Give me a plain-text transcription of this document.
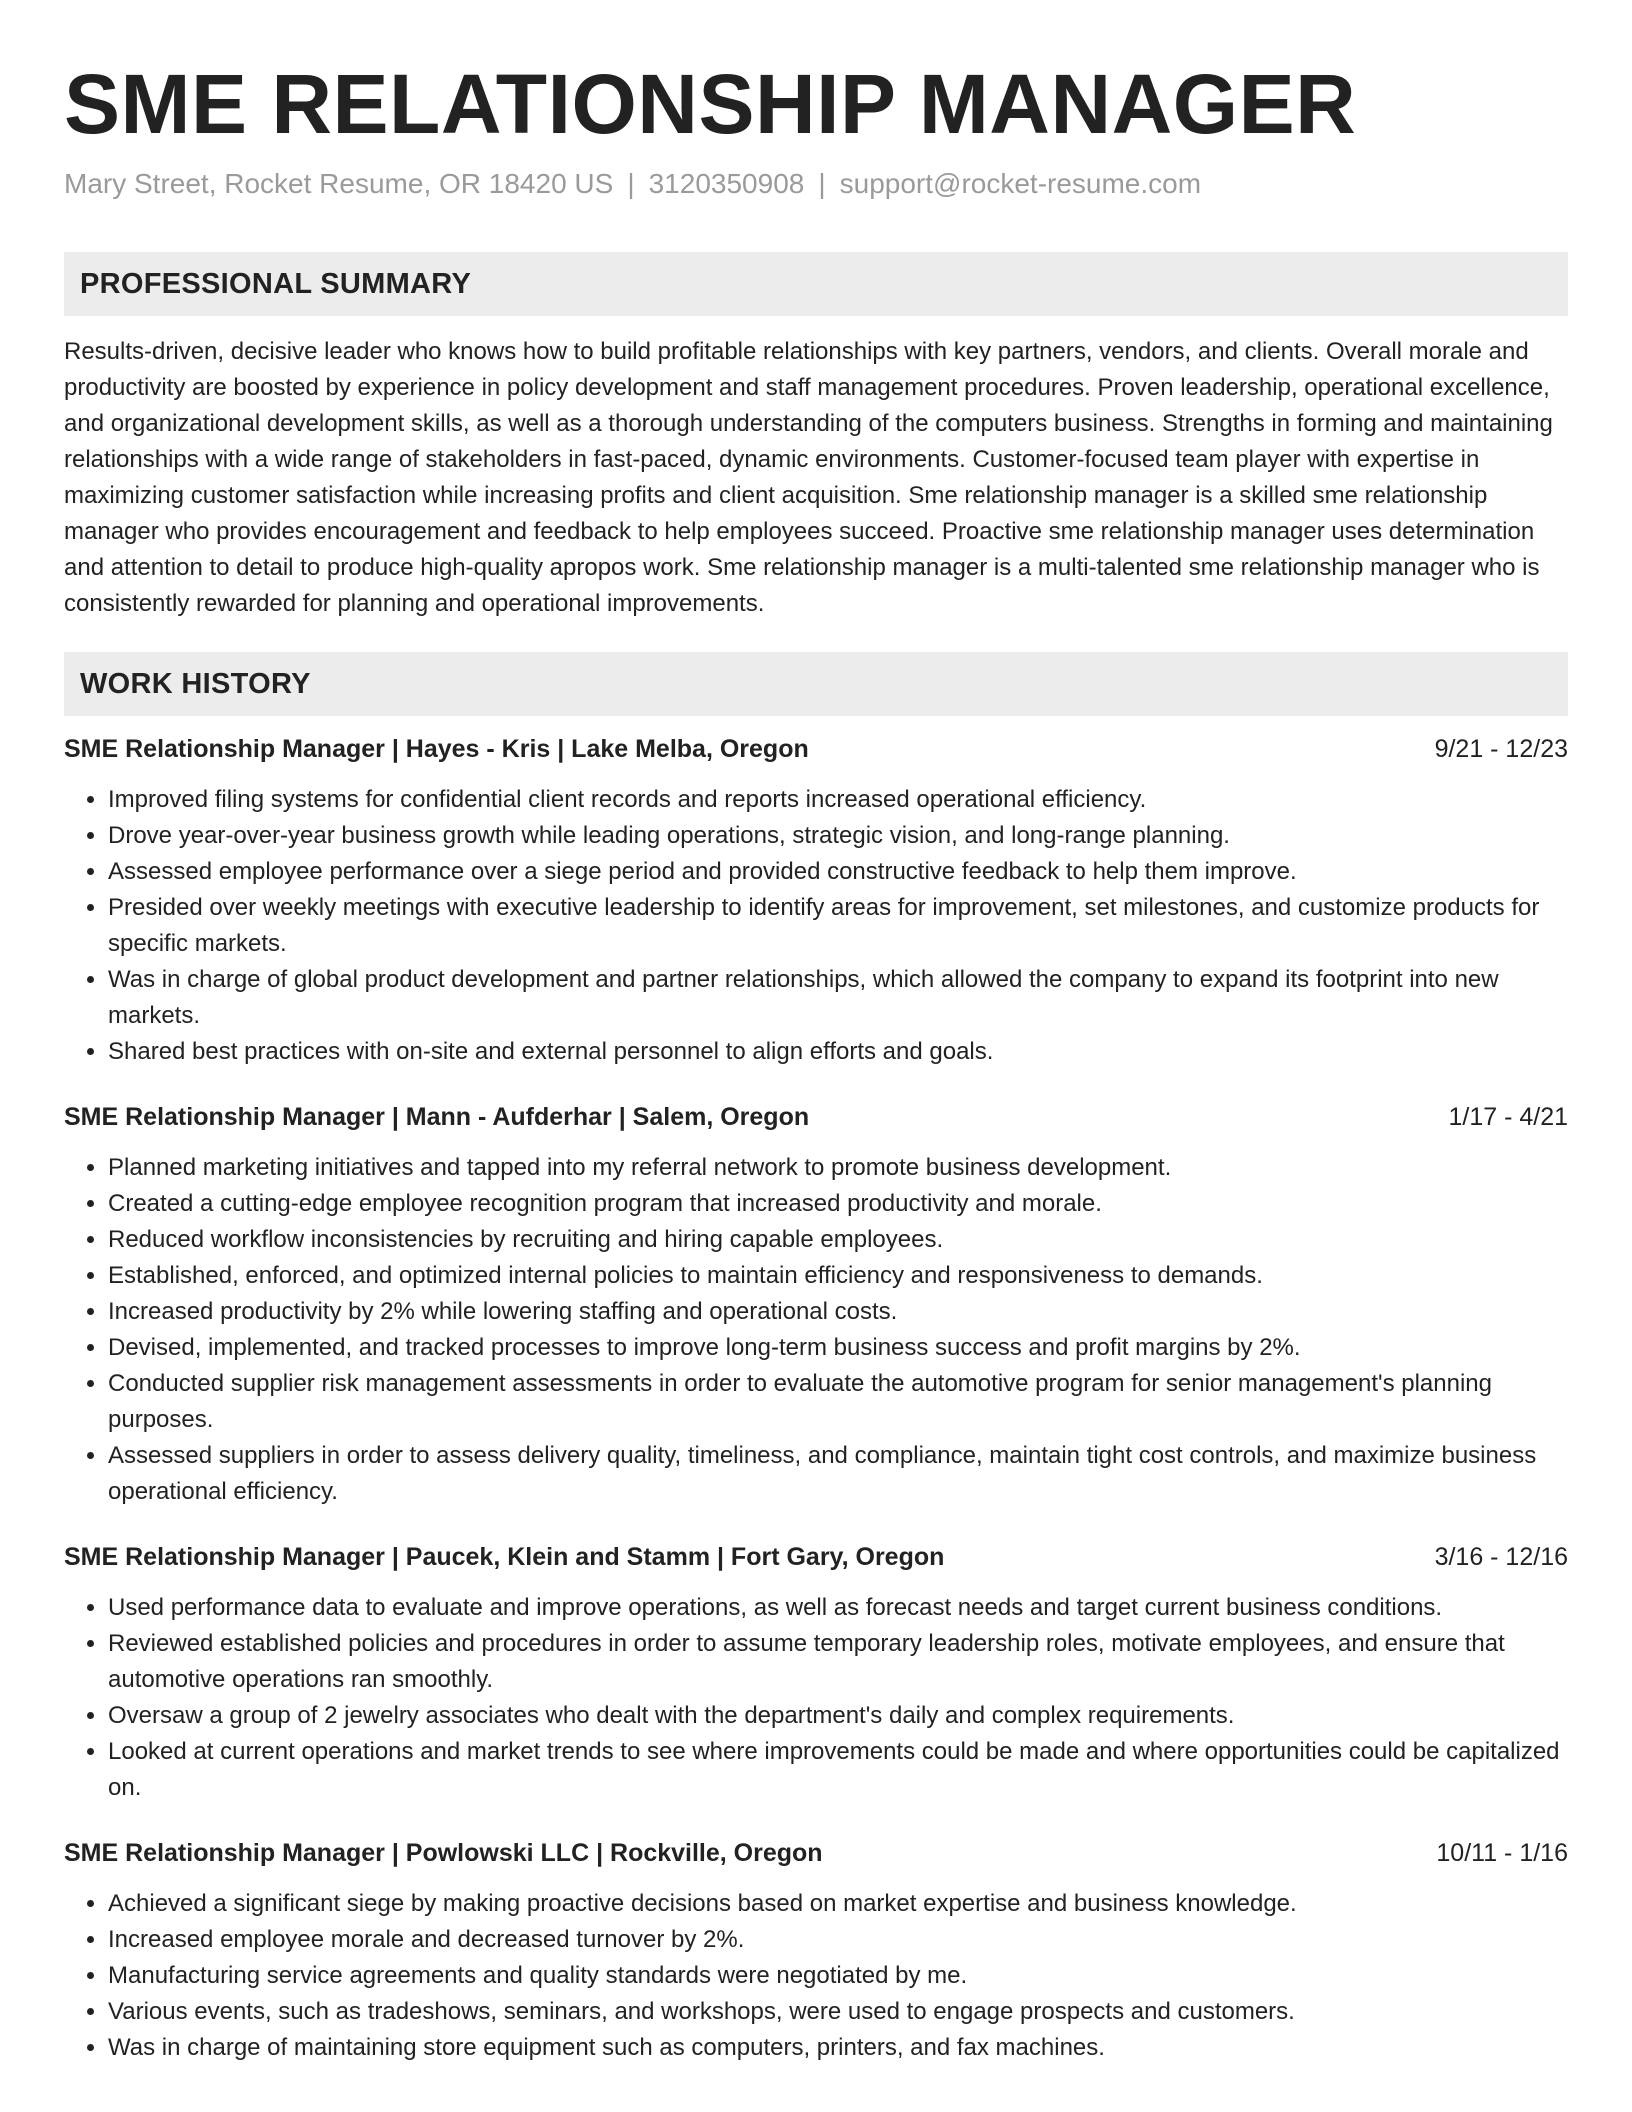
SME RELATIONSHIP MANAGER
Mary Street, Rocket Resume, OR 18420 US | 3120350908 | support@rocket-resume.com
PROFESSIONAL SUMMARY

Results-driven, decisive leader who knows how to build profitable relationships with key partners, vendors, and clients. Overall morale and productivity are boosted by experience in policy development and staff management procedures. Proven leadership, operational excellence, and organizational development skills, as well as a thorough understanding of the computers business. Strengths in forming and maintaining relationships with a wide range of stakeholders in fast-paced, dynamic environments. Customer-focused team player with expertise in maximizing customer satisfaction while increasing profits and client acquisition. Sme relationship manager is a skilled sme relationship manager who provides encouragement and feedback to help employees succeed. Proactive sme relationship manager uses determination and attention to detail to produce high-quality apropos work. Sme relationship manager is a multi-talented sme relationship manager who is consistently rewarded for planning and operational improvements.

WORK HISTORY
SME Relationship Manager | Hayes - Kris | Lake Melba, Oregon	9/21 - 12/23
• Improved filing systems for confidential client records and reports increased operational efficiency.
• Drove year-over-year business growth while leading operations, strategic vision, and long-range planning.
• Assessed employee performance over a siege period and provided constructive feedback to help them improve.
• Presided over weekly meetings with executive leadership to identify areas for improvement, set milestones, and customize products for specific markets.
• Was in charge of global product development and partner relationships, which allowed the company to expand its footprint into new markets.
• Shared best practices with on-site and external personnel to align efforts and goals.
SME Relationship Manager | Mann - Aufderhar | Salem, Oregon	1/17 - 4/21
• Planned marketing initiatives and tapped into my referral network to promote business development.
• Created a cutting-edge employee recognition program that increased productivity and morale.
• Reduced workflow inconsistencies by recruiting and hiring capable employees.
• Established, enforced, and optimized internal policies to maintain efficiency and responsiveness to demands.
• Increased productivity by 2% while lowering staffing and operational costs.
• Devised, implemented, and tracked processes to improve long-term business success and profit margins by 2%.
• Conducted supplier risk management assessments in order to evaluate the automotive program for senior management's planning purposes.
• Assessed suppliers in order to assess delivery quality, timeliness, and compliance, maintain tight cost controls, and maximize business operational efficiency.
SME Relationship Manager | Paucek, Klein and Stamm | Fort Gary, Oregon	3/16 - 12/16
• Used performance data to evaluate and improve operations, as well as forecast needs and target current business conditions.
• Reviewed established policies and procedures in order to assume temporary leadership roles, motivate employees, and ensure that automotive operations ran smoothly.
• Oversaw a group of 2 jewelry associates who dealt with the department's daily and complex requirements.
• Looked at current operations and market trends to see where improvements could be made and where opportunities could be capitalized on.
SME Relationship Manager | Powlowski LLC | Rockville, Oregon	10/11 - 1/16
• Achieved a significant siege by making proactive decisions based on market expertise and business knowledge.
• Increased employee morale and decreased turnover by 2%.
• Manufacturing service agreements and quality standards were negotiated by me.
• Various events, such as tradeshows, seminars, and workshops, were used to engage prospects and customers.
• Was in charge of maintaining store equipment such as computers, printers, and fax machines.
